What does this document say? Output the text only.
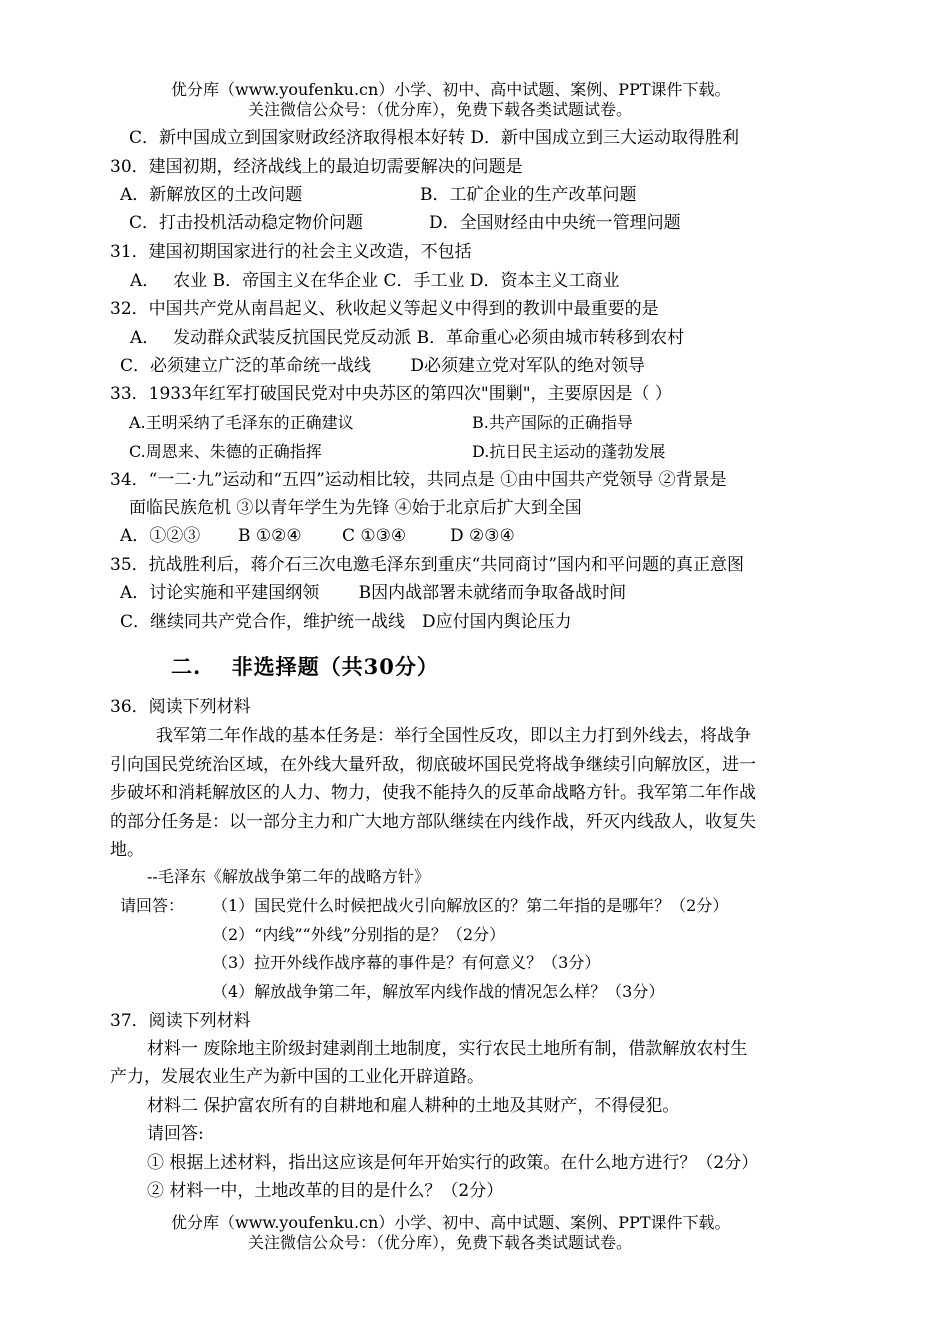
优分库（www.youfenku.cn）小学、初中、高中试题、案例、PPT课件下载。
关注微信公众号：（优分库），免费下载各类试题试卷。
C．新中国成立到国家财政经济取得根本好转 D．新中国成立到三大运动取得胜利
30．建国初期，经济战线上的最迫切需要解决的问题是
A．新解放区的土改问题	B．工矿企业的生产改革问题
C．打击投机活动稳定物价问题	D．全国财经由中央统一管理问题
31．建国初期国家进行的社会主义改造，不包括
A．　 农业 B．帝国主义在华企业 C．手工业 D．资本主义工商业
32．中国共产党从南昌起义、秋收起义等起义中得到的教训中最重要的是
A．　 发动群众武装反抗国民党反动派 B．革命重心必须由城市转移到农村
C．必须建立广泛的革命统一战线　　 D必须建立党对军队的绝对领导
33．1933年红军打破国民党对中央苏区的第四次"围剿"，主要原因是（ ）
A.王明采纳了毛泽东的正确建议	B.共产国际的正确指导
C.周恩来、朱德的正确指挥	D.抗日民主运动的蓬勃发展
34．“一二·九”运动和“五四”运动相比较，共同点是 ①由中国共产党领导 ②背景是
面临民族危机 ③以青年学生为先锋 ④始于北京后扩大到全国
A．①②③ B ①②④ C ①③④	D ②③④
35．抗战胜利后，蒋介石三次电邀毛泽东到重庆“共同商讨”国内和平问题的真正意图
A．讨论实施和平建国纲领　　 B因内战部署未就绪而争取备战时间
C．继续同共产党合作，维护统一战线　D应付国内舆论压力
二.　 非选择题（共30分）
36．阅读下列材料
我军第二年作战的基本任务是：举行全国性反攻，即以主力打到外线去，将战争
引向国民党统治区域，在外线大量歼敌，彻底破坏国民党将战争继续引向解放区，进一
步破坏和消耗解放区的人力、物力，使我不能持久的反革命战略方针。我军第二年作战
的部分任务是：以一部分主力和广大地方部队继续在内线作战，歼灭内线敌人，收复失
地。
--毛泽东《解放战争第二年的战略方针》
请回答： （1）国民党什么时候把战火引向解放区的？第二年指的是哪年？（2分）
（2）“内线”“外线”分别指的是？（2分）
（3）拉开外线作战序幕的事件是？有何意义？（3分）
（4）解放战争第二年，解放军内线作战的情况怎么样？（3分）
37．阅读下列材料
材料一 废除地主阶级封建剥削土地制度，实行农民土地所有制，借款解放农村生
产力，发展农业生产为新中国的工业化开辟道路。
材料二 保护富农所有的自耕地和雇人耕种的土地及其财产，不得侵犯。
请回答:
① 根据上述材料，指出这应该是何年开始实行的政策。在什么地方进行？（2分）
② 材料一中，土地改革的目的是什么？（2分）
优分库（www.youfenku.cn）小学、初中、高中试题、案例、PPT课件下载。
关注微信公众号：（优分库），免费下载各类试题试卷。
